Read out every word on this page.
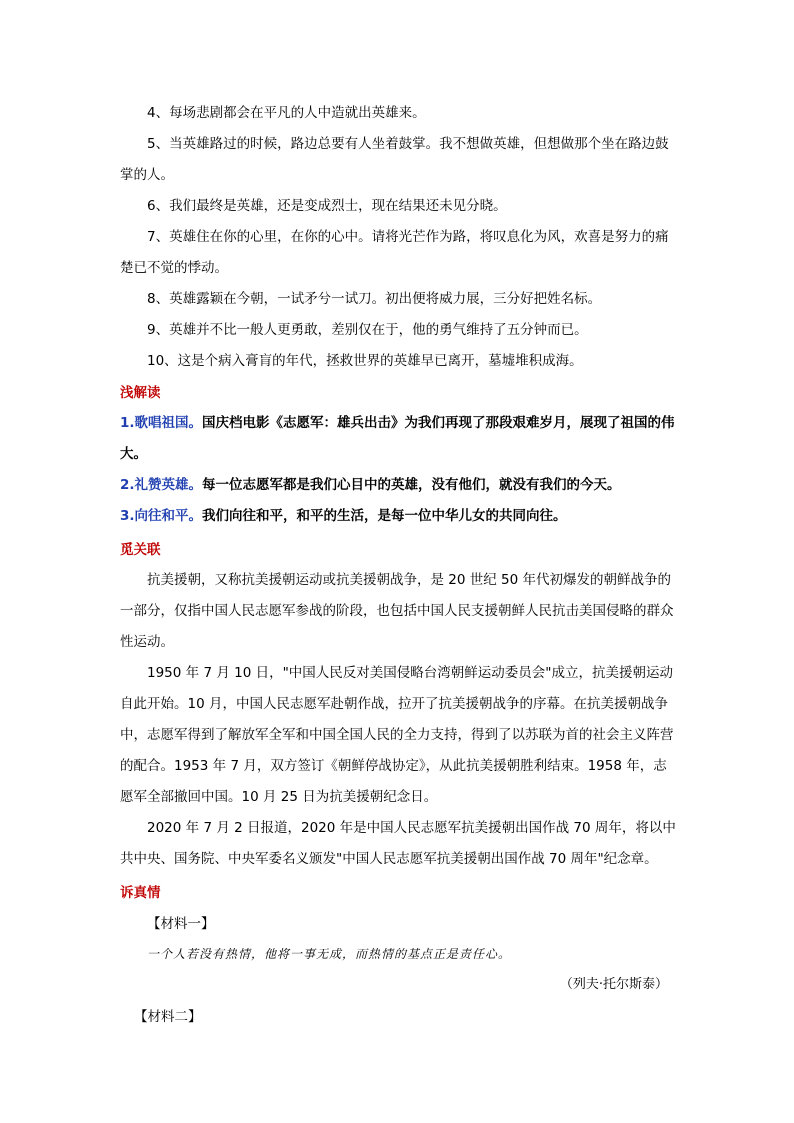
4、每场悲剧都会在平凡的人中造就出英雄来。

5、当英雄路过的时候，路边总要有人坐着鼓掌。我不想做英雄，但想做那个坐在路边鼓掌的人。

6、我们最终是英雄，还是变成烈士，现在结果还未见分晓。

7、英雄住在你的心里，在你的心中。请将光芒作为路，将叹息化为风，欢喜是努力的痛楚已不觉的悸动。

8、英雄露颖在今朝，一试矛兮一试刀。初出便将威力展，三分好把姓名标。

9、英雄并不比一般人更勇敢，差别仅在于，他的勇气维持了五分钟而已。

10、这是个病入膏肓的年代，拯救世界的英雄早已离开，墓墟堆积成海。

浅解读

1.歌唱祖国。国庆档电影《志愿军：雄兵出击》为我们再现了那段艰难岁月，展现了祖国的伟大。

2.礼赞英雄。每一位志愿军都是我们心目中的英雄，没有他们，就没有我们的今天。

3.向往和平。我们向往和平，和平的生活，是每一位中华儿女的共同向往。

觅关联

抗美援朝，又称抗美援朝运动或抗美援朝战争，是 20 世纪 50 年代初爆发的朝鲜战争的一部分，仅指中国人民志愿军参战的阶段，也包括中国人民支援朝鲜人民抗击美国侵略的群众性运动。

1950 年 7 月 10 日，"中国人民反对美国侵略台湾朝鲜运动委员会"成立，抗美援朝运动自此开始。10 月，中国人民志愿军赴朝作战，拉开了抗美援朝战争的序幕。在抗美援朝战争中，志愿军得到了解放军全军和中国全国人民的全力支持，得到了以苏联为首的社会主义阵营的配合。1953 年 7 月，双方签订《朝鲜停战协定》，从此抗美援朝胜利结束。1958 年，志愿军全部撤回中国。10 月 25 日为抗美援朝纪念日。

2020 年 7 月 2 日报道，2020 年是中国人民志愿军抗美援朝出国作战 70 周年，将以中共中央、国务院、中央军委名义颁发"中国人民志愿军抗美援朝出国作战 70 周年"纪念章。

诉真情
【材料一】
一个人若没有热情，他将一事无成，而热情的基点正是责任心。
（列夫·托尔斯泰）
【材料二】
